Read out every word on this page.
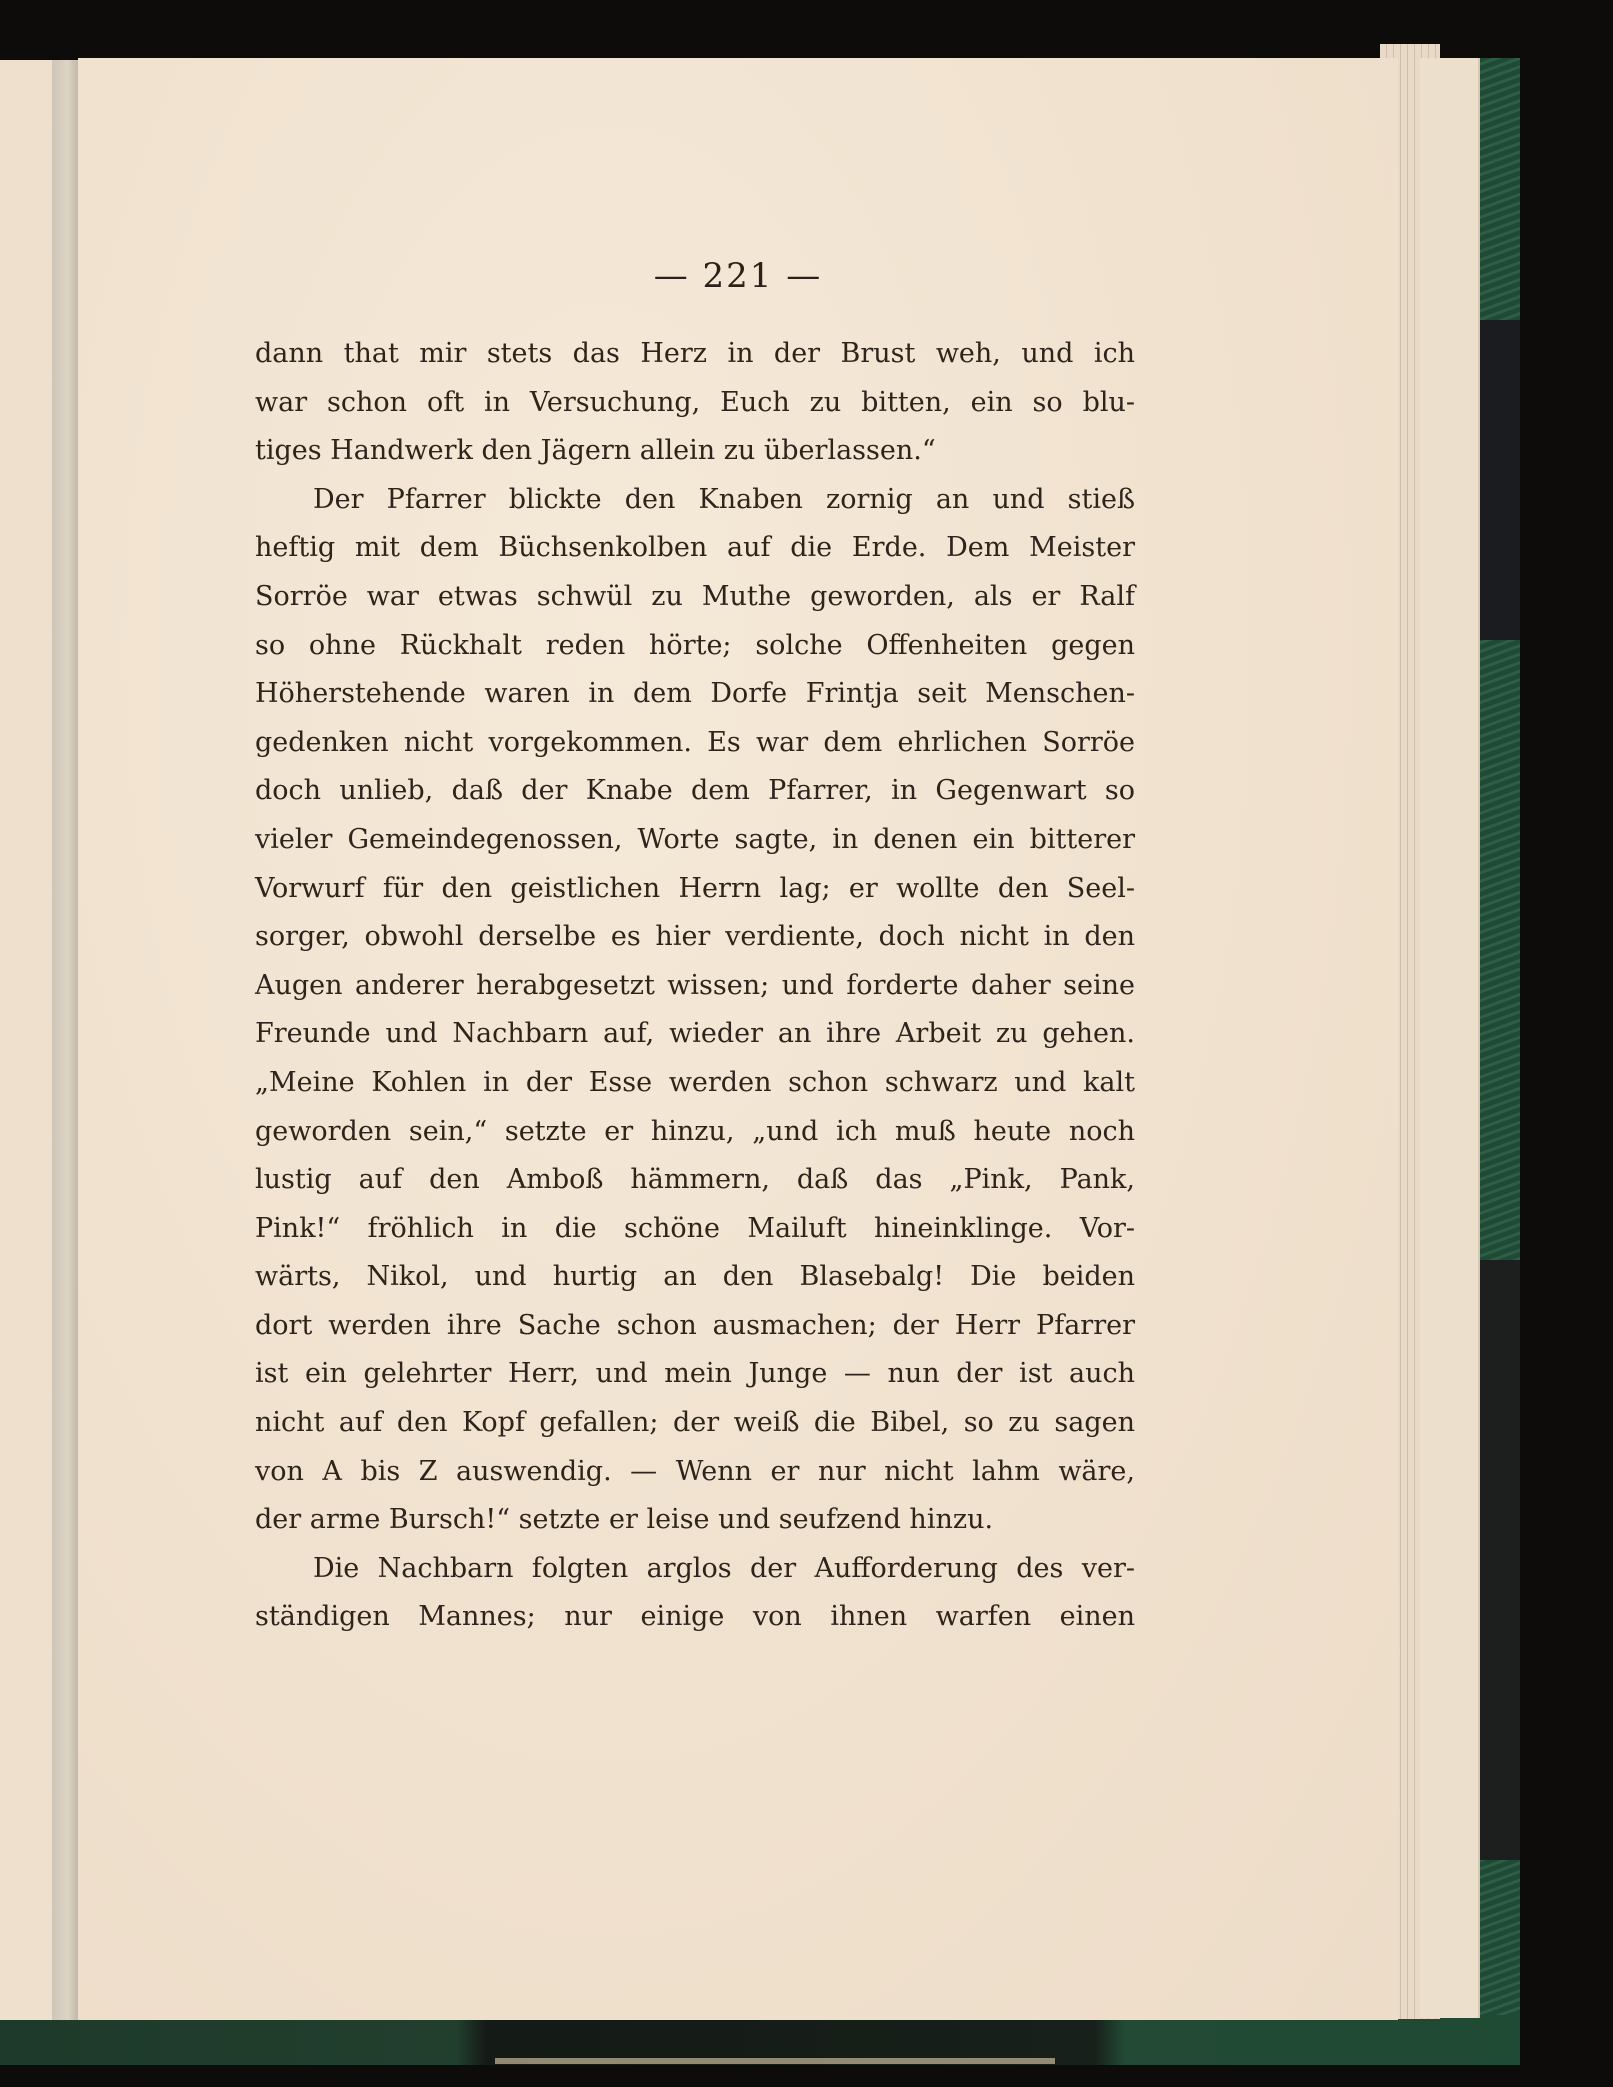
— 221 —
dann that mir stets das Herz in der Brust weh, und ich
war schon oft in Versuchung, Euch zu bitten, ein so blu-
tiges Handwerk den Jägern allein zu überlassen.“
Der Pfarrer blickte den Knaben zornig an und stieß
heftig mit dem Büchsenkolben auf die Erde. Dem Meister
Sorröe war etwas schwül zu Muthe geworden, als er Ralf
so ohne Rückhalt reden hörte; solche Offenheiten gegen
Höherstehende waren in dem Dorfe Frintja seit Menschen-
gedenken nicht vorgekommen. Es war dem ehrlichen Sorröe
doch unlieb, daß der Knabe dem Pfarrer, in Gegenwart so
vieler Gemeindegenossen, Worte sagte, in denen ein bitterer
Vorwurf für den geistlichen Herrn lag; er wollte den Seel-
sorger, obwohl derselbe es hier verdiente, doch nicht in den
Augen anderer herabgesetzt wissen; und forderte daher seine
Freunde und Nachbarn auf, wieder an ihre Arbeit zu gehen.
„Meine Kohlen in der Esse werden schon schwarz und kalt
geworden sein,“ setzte er hinzu, „und ich muß heute noch
lustig auf den Amboß hämmern, daß das „Pink, Pank,
Pink!“ fröhlich in die schöne Mailuft hineinklinge. Vor-
wärts, Nikol, und hurtig an den Blasebalg! Die beiden
dort werden ihre Sache schon ausmachen; der Herr Pfarrer
ist ein gelehrter Herr, und mein Junge — nun der ist auch
nicht auf den Kopf gefallen; der weiß die Bibel, so zu sagen
von A bis Z auswendig. — Wenn er nur nicht lahm wäre,
der arme Bursch!“ setzte er leise und seufzend hinzu.
Die Nachbarn folgten arglos der Aufforderung des ver-
ständigen Mannes; nur einige von ihnen warfen einen
